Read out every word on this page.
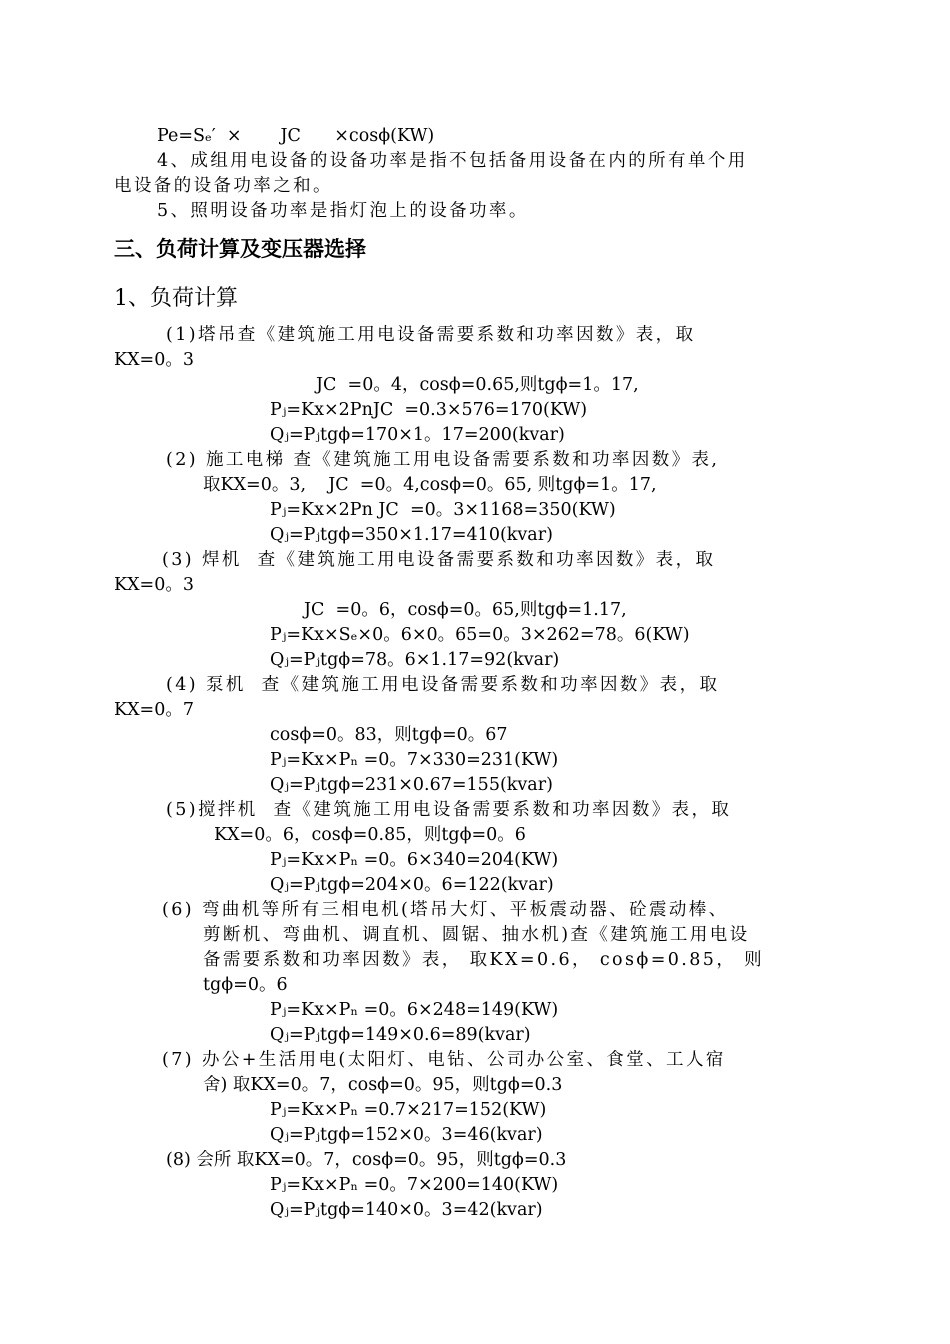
Pe=Sₑ′  ×       JC      ×cosϕ(KW)
4、成组用电设备的设备功率是指不包括备用设备在内的所有单个用
电设备的设备功率之和。
5、照明设备功率是指灯泡上的设备功率。
三、负荷计算及变压器选择
1、负荷计算
(1)塔吊查《建筑施工用电设备需要系数和功率因数》表，取
KX=0。3
JC  =0。4，cosϕ=0.65,则tgϕ=1。17,
Pⱼ=Kx×2PnJC  =0.3×576=170(KW)
Qⱼ=Pⱼtgϕ=170×1。17=200(kvar)
(2) 施工电梯 查《建筑施工用电设备需要系数和功率因数》表,
取KX=0。3,    JC  =0。4,cosϕ=0。65, 则tgϕ=1。17,
Pⱼ=Kx×2Pn JC  =0。3×1168=350(KW)
Qⱼ=Pⱼtgϕ=350×1.17=410(kvar)
(3) 焊机  查《建筑施工用电设备需要系数和功率因数》表，取
KX=0。3
JC  =0。6，cosϕ=0。65,则tgϕ=1.17,
Pⱼ=Kx×Sₑ×0。6×0。65=0。3×262=78。6(KW)
Qⱼ=Pⱼtgϕ=78。6×1.17=92(kvar)
(4) 泵机  查《建筑施工用电设备需要系数和功率因数》表，取
KX=0。7
cosϕ=0。83，则tgϕ=0。67
Pⱼ=Kx×Pₙ =0。7×330=231(KW)
Qⱼ=Pⱼtgϕ=231×0.67=155(kvar)
(5)搅拌机  查《建筑施工用电设备需要系数和功率因数》表，取
KX=0。6，cosϕ=0.85，则tgϕ=0。6
Pⱼ=Kx×Pₙ =0。6×340=204(KW)
Qⱼ=Pⱼtgϕ=204×0。6=122(kvar)
(6) 弯曲机等所有三相电机(塔吊大灯、平板震动器、砼震动棒、
剪断机、弯曲机、调直机、圆锯、抽水机)查《建筑施工用电设
备需要系数和功率因数》表， 取KX=0.6， cosϕ=0.85， 则
tgϕ=0。6
Pⱼ=Kx×Pₙ =0。6×248=149(KW)
Qⱼ=Pⱼtgϕ=149×0.6=89(kvar)
(7) 办公+生活用电(太阳灯、电钻、公司办公室、食堂、工人宿
舍) 取KX=0。7，cosϕ=0。95，则tgϕ=0.3
Pⱼ=Kx×Pₙ =0.7×217=152(KW)
Qⱼ=Pⱼtgϕ=152×0。3=46(kvar)
(8) 会所 取KX=0。7，cosϕ=0。95，则tgϕ=0.3
Pⱼ=Kx×Pₙ =0。7×200=140(KW)
Qⱼ=Pⱼtgϕ=140×0。3=42(kvar)
